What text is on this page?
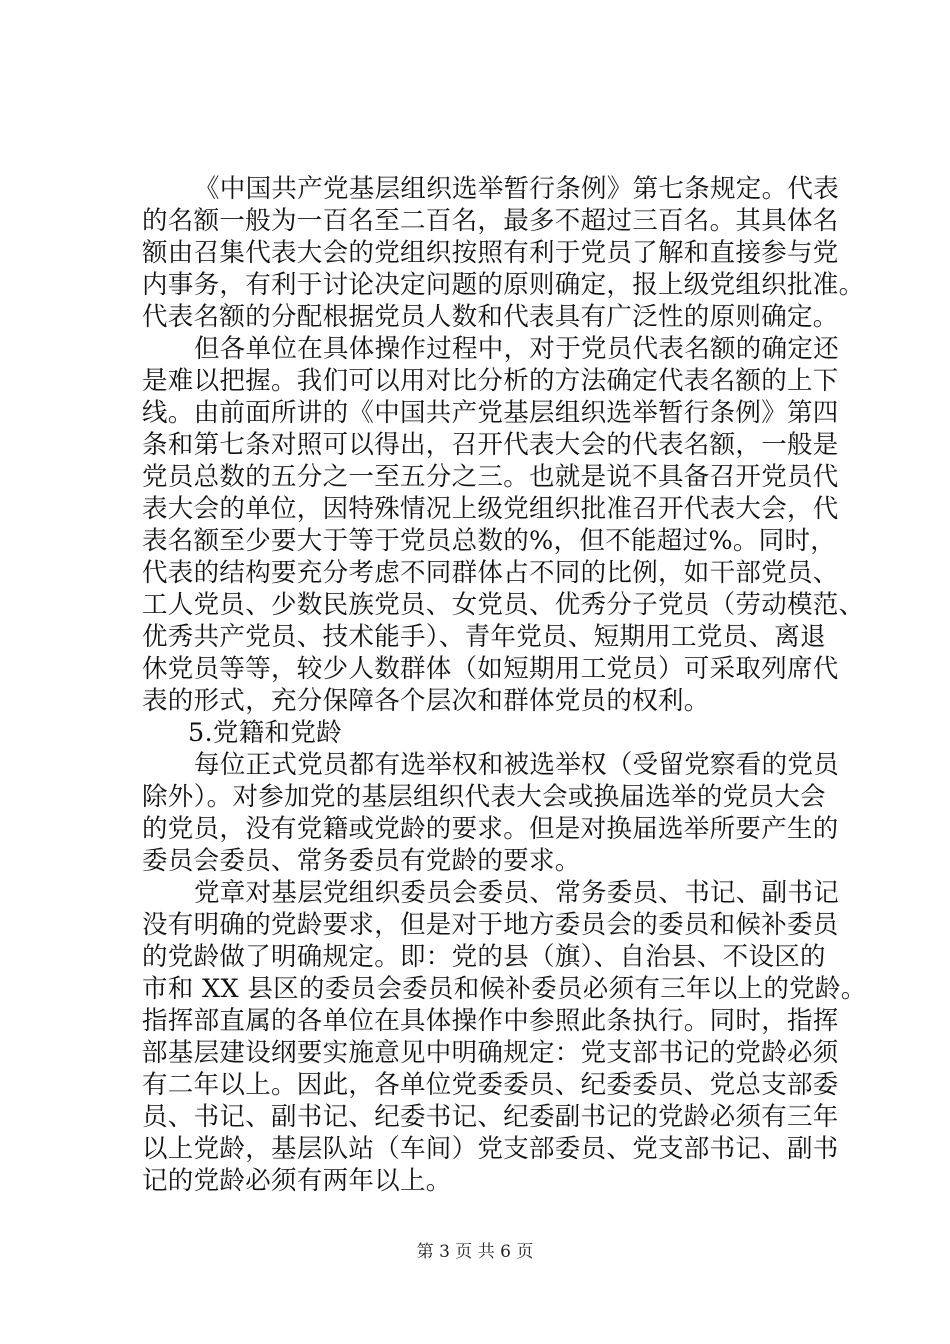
《中国共产党基层组织选举暂行条例》第七条规定。代表
的名额一般为一百名至二百名，最多不超过三百名。其具体名
额由召集代表大会的党组织按照有利于党员了解和直接参与党
内事务，有利于讨论决定问题的原则确定，报上级党组织批准。
代表名额的分配根据党员人数和代表具有广泛性的原则确定。
但各单位在具体操作过程中，对于党员代表名额的确定还
是难以把握。我们可以用对比分析的方法确定代表名额的上下
线。由前面所讲的《中国共产党基层组织选举暂行条例》第四
条和第七条对照可以得出，召开代表大会的代表名额，一般是
党员总数的五分之一至五分之三。也就是说不具备召开党员代
表大会的单位，因特殊情况上级党组织批准召开代表大会，代
表名额至少要大于等于党员总数的%，但不能超过%。同时，
代表的结构要充分考虑不同群体占不同的比例，如干部党员、
工人党员、少数民族党员、女党员、优秀分子党员（劳动模范、
优秀共产党员、技术能手）、青年党员、短期用工党员、离退
休党员等等，较少人数群体（如短期用工党员）可采取列席代
表的形式，充分保障各个层次和群体党员的权利。
5.党籍和党龄
每位正式党员都有选举权和被选举权（受留党察看的党员
除外）。对参加党的基层组织代表大会或换届选举的党员大会
的党员，没有党籍或党龄的要求。但是对换届选举所要产生的
委员会委员、常务委员有党龄的要求。
党章对基层党组织委员会委员、常务委员、书记、副书记
没有明确的党龄要求，但是对于地方委员会的委员和候补委员
的党龄做了明确规定。即：党的县（旗）、自治县、不设区的
市和 XX 县区的委员会委员和候补委员必须有三年以上的党龄。
指挥部直属的各单位在具体操作中参照此条执行。同时，指挥
部基层建设纲要实施意见中明确规定：党支部书记的党龄必须
有二年以上。因此，各单位党委委员、纪委委员、党总支部委
员、书记、副书记、纪委书记、纪委副书记的党龄必须有三年
以上党龄，基层队站（车间）党支部委员、党支部书记、副书
记的党龄必须有两年以上。
第 3 页 共 6 页
